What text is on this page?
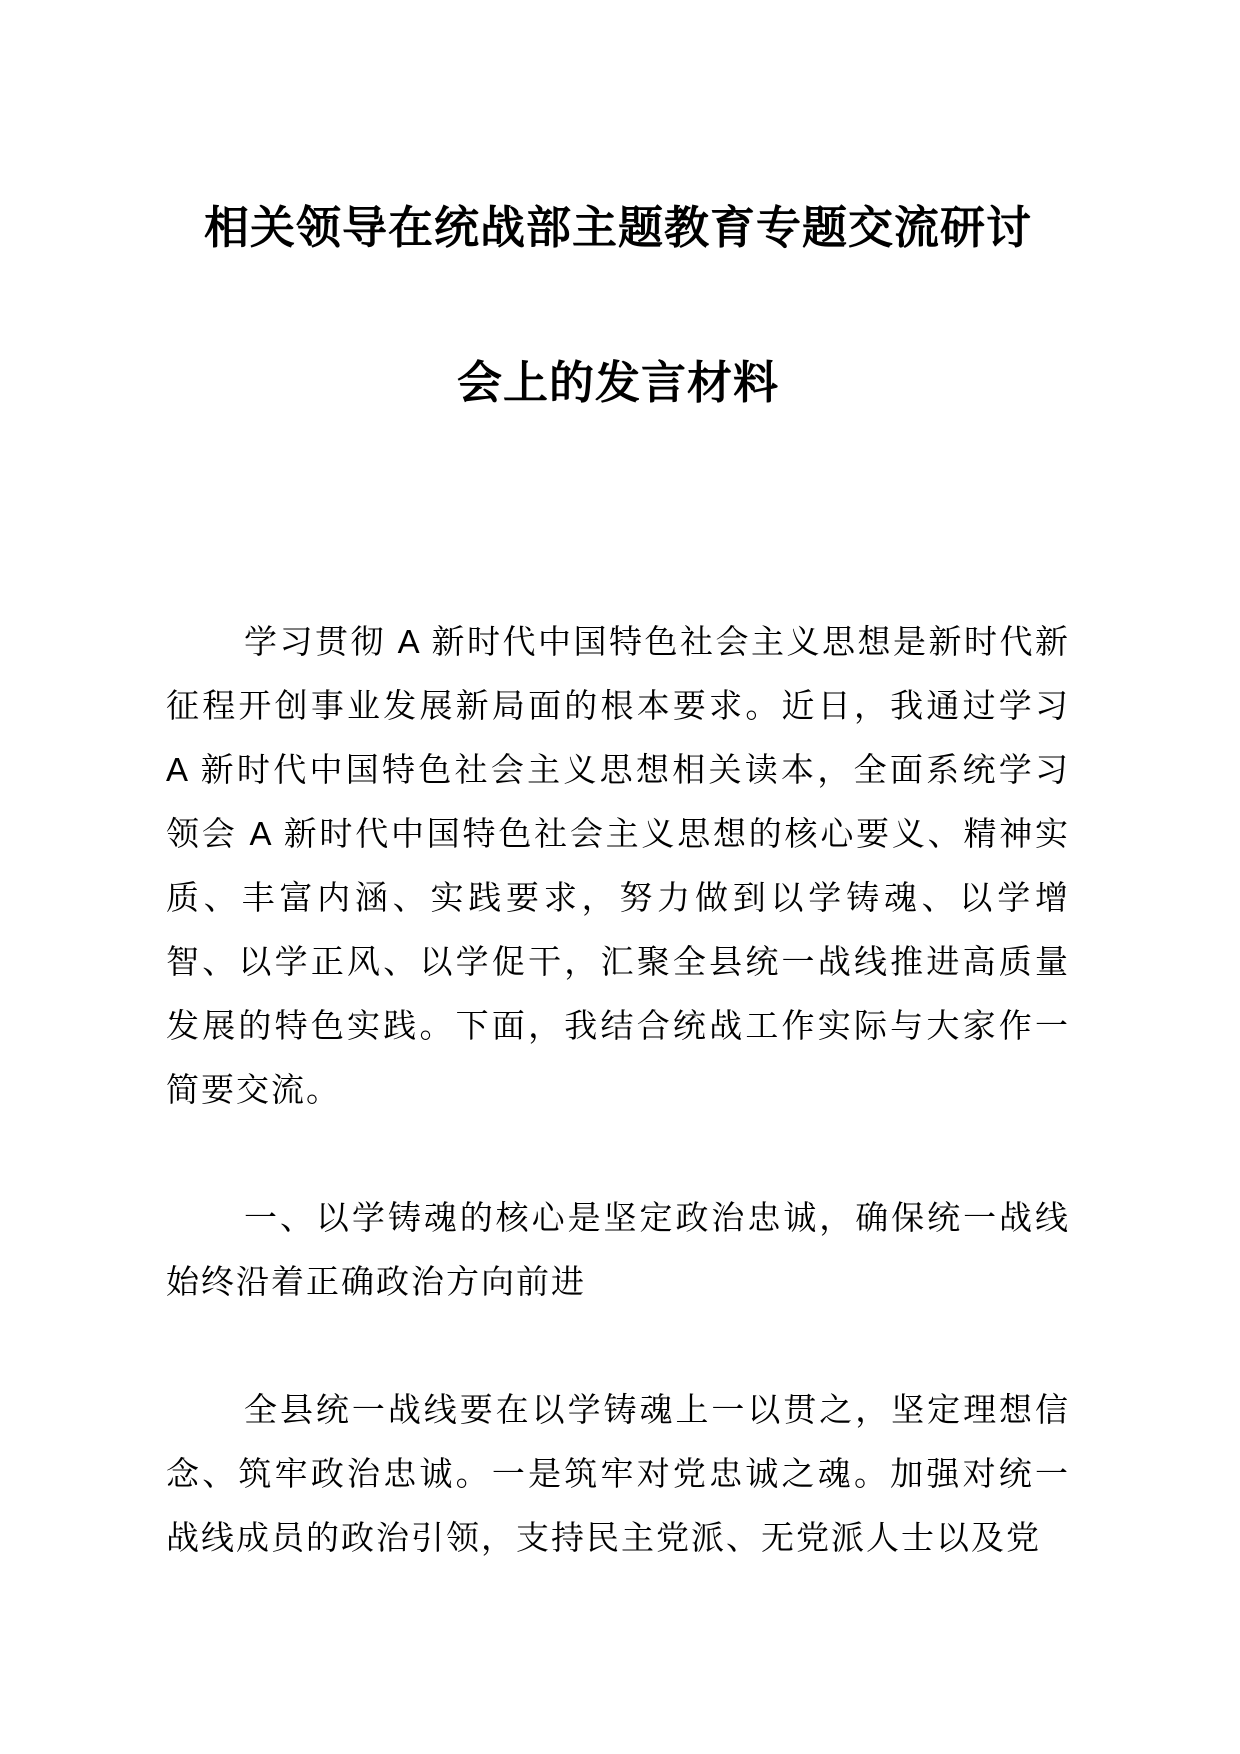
相关领导在统战部主题教育专题交流研讨
会上的发言材料

学习贯彻 A 新时代中国特色社会主义思想是新时代新征程开创事业发展新局面的根本要求。近日，我通过学习 A 新时代中国特色社会主义思想相关读本，全面系统学习领会 A 新时代中国特色社会主义思想的核心要义、精神实质、丰富内涵、实践要求，努力做到以学铸魂、以学增智、以学正风、以学促干，汇聚全县统一战线推进高质量发展的特色实践。下面，我结合统战工作实际与大家作一简要交流。

一、以学铸魂的核心是坚定政治忠诚，确保统一战线始终沿着正确政治方向前进

全县统一战线要在以学铸魂上一以贯之，坚定理想信念、筑牢政治忠诚。一是筑牢对党忠诚之魂。加强对统一战线成员的政治引领，支持民主党派、无党派人士以及党
